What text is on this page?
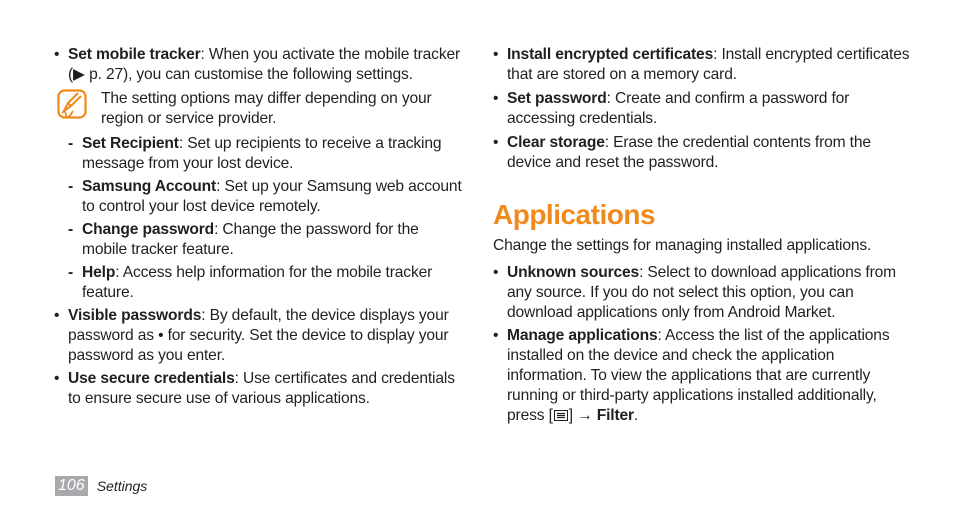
• Set mobile tracker: When you activate the mobile tracker (▶ p. 27), you can customise the following settings.
The setting options may differ depending on your region or service provider.
- Set Recipient: Set up recipients to receive a tracking message from your lost device.
- Samsung Account: Set up your Samsung web account to control your lost device remotely.
- Change password: Change the password for the mobile tracker feature.
- Help: Access help information for the mobile tracker feature.
• Visible passwords: By default, the device displays your password as • for security. Set the device to display your password as you enter.
• Use secure credentials: Use certificates and credentials to ensure secure use of various applications.
• Install encrypted certificates: Install encrypted certificates that are stored on a memory card.
• Set password: Create and confirm a password for accessing credentials.
• Clear storage: Erase the credential contents from the device and reset the password.
Applications
Change the settings for managing installed applications.
• Unknown sources: Select to download applications from any source. If you do not select this option, you can download applications only from Android Market.
• Manage applications: Access the list of the applications installed on the device and check the application information. To view the applications that are currently running or third-party applications installed additionally, press [ ] → Filter.
106 Settings
